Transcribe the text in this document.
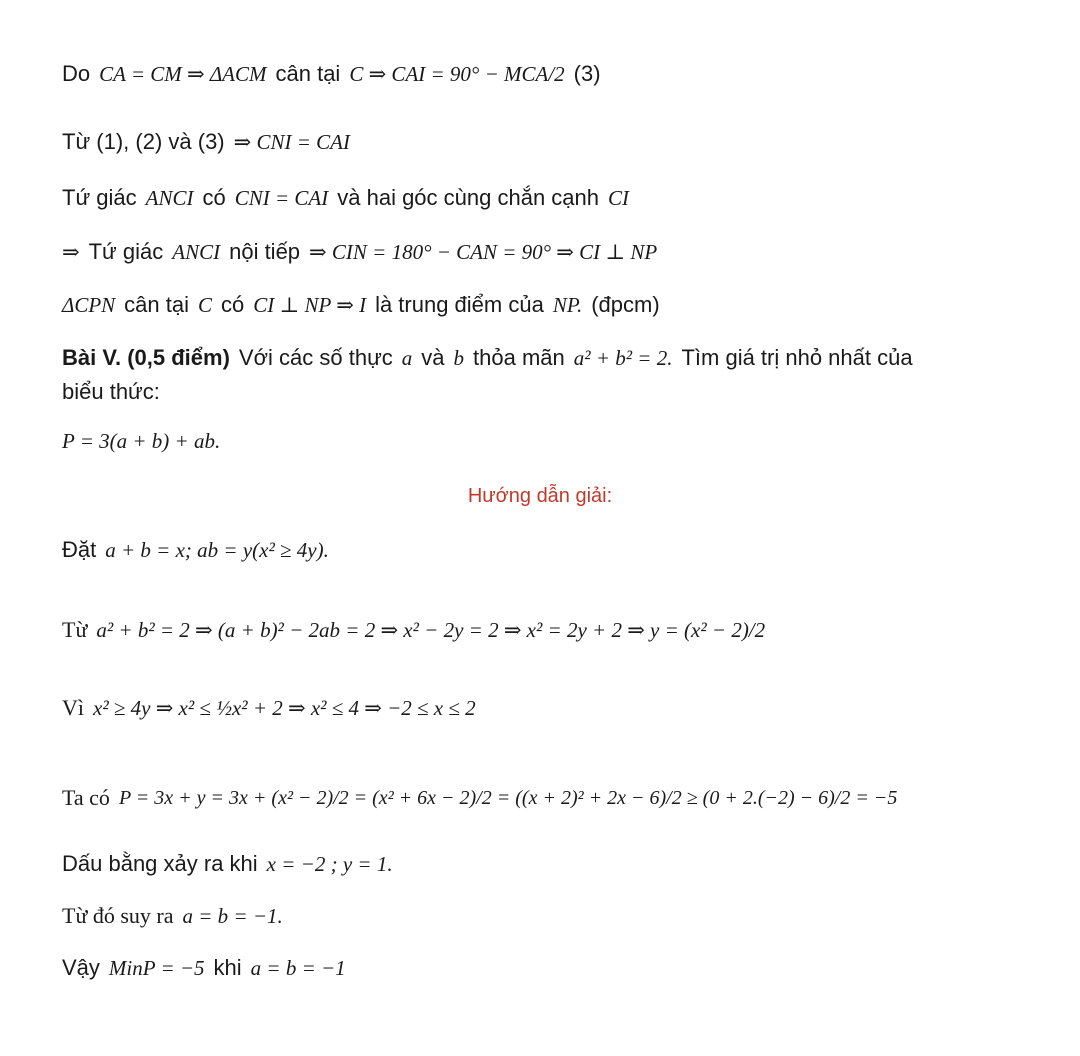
Do CA = CM ⇒ ΔACM cân tại C ⇒ CAI = 90° − MCA/2 (3)
Từ (1), (2) và (3) ⇒ CNI = CAI
Tứ giác ANCI có CNI = CAI và hai góc cùng chắn cạnh CI
⇒ Tứ giác ANCI nội tiếp ⇒ CIN = 180° − CAN = 90° ⇒ CI ⊥ NP
ΔCPN cân tại C có CI ⊥ NP ⇒ I là trung điểm của NP. (đpcm)
Bài V. (0,5 điểm) Với các số thực a và b thỏa mãn a² + b² = 2. Tìm giá trị nhỏ nhất của
biểu thức:
P = 3(a + b) + ab.
Hướng dẫn giải:
Đặt a + b = x; ab = y(x² ≥ 4y).
Từ a² + b² = 2 ⇒ (a + b)² − 2ab = 2 ⇒ x² − 2y = 2 ⇒ x² = 2y + 2 ⇒ y = (x² − 2)/2
Vì x² ≥ 4y ⇒ x² ≤ ½x² + 2 ⇒ x² ≤ 4 ⇒ −2 ≤ x ≤ 2
Ta có P = 3x + y = 3x + (x² − 2)/2 = (x² + 6x − 2)/2 = ((x + 2)² + 2x − 6)/2 ≥ (0 + 2.(−2) − 6)/2 = −5
Dấu bằng xảy ra khi x = −2 ; y = 1.
Từ đó suy ra a = b = −1.
Vậy MinP = −5 khi a = b = −1
